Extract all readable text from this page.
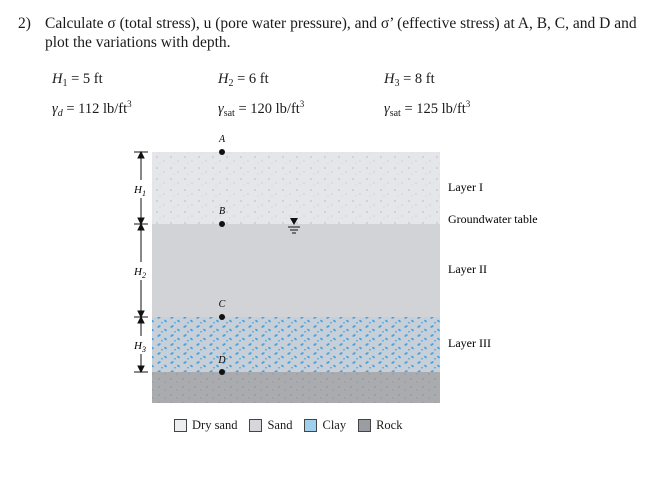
2) Calculate σ (total stress), u (pore water pressure), and σ’ (effective stress) at A, B, C, and D and plot the variations with depth.
$H_1 = 5$ ft
$\gamma_d = 112$ $lb/ft^3$
$H_2 = 6$ ft
$\gamma_{sat} = 120$ $lb/ft^3$
$H_3 = 8$ ft
$\gamma_{sat} = 125$ $lb/ft^3$
A
B
C
D
$H_1$
$H_2$
$H_3$
Layer I
Groundwater table
Layer II
Layer III
Dry sand Sand Clay Rock
